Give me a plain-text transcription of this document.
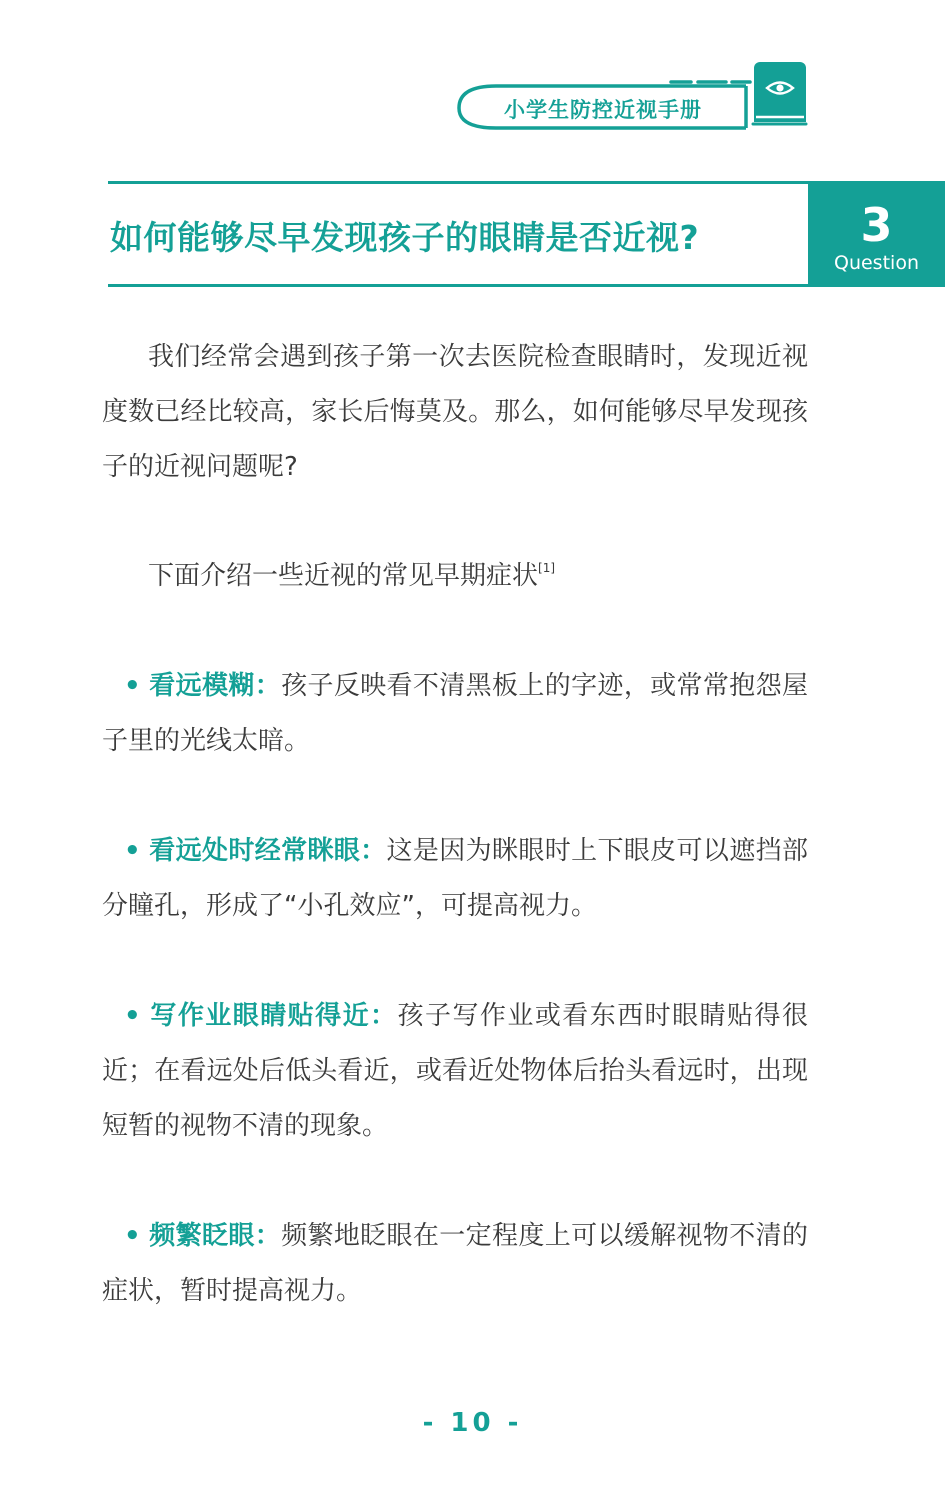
小学生防控近视手册
如何能够尽早发现孩子的眼睛是否近视?	3
Question

我们经常会遇到孩子第一次去医院检查眼睛时，发现近视度数已经比较高，家长后悔莫及。那么，如何能够尽早发现孩子的近视问题呢?

下面介绍一些近视的常见早期症状[1]

• 看远模糊：孩子反映看不清黑板上的字迹，或常常抱怨屋子里的光线太暗。

• 看远处时经常眯眼：这是因为眯眼时上下眼皮可以遮挡部分瞳孔，形成了“小孔效应”，可提高视力。

• 写作业眼睛贴得近：孩子写作业或看东西时眼睛贴得很近；在看远处后低头看近，或看近处物体后抬头看远时，出现短暂的视物不清的现象。

• 频繁眨眼：频繁地眨眼在一定程度上可以缓解视物不清的症状，暂时提高视力。

- 10 -
